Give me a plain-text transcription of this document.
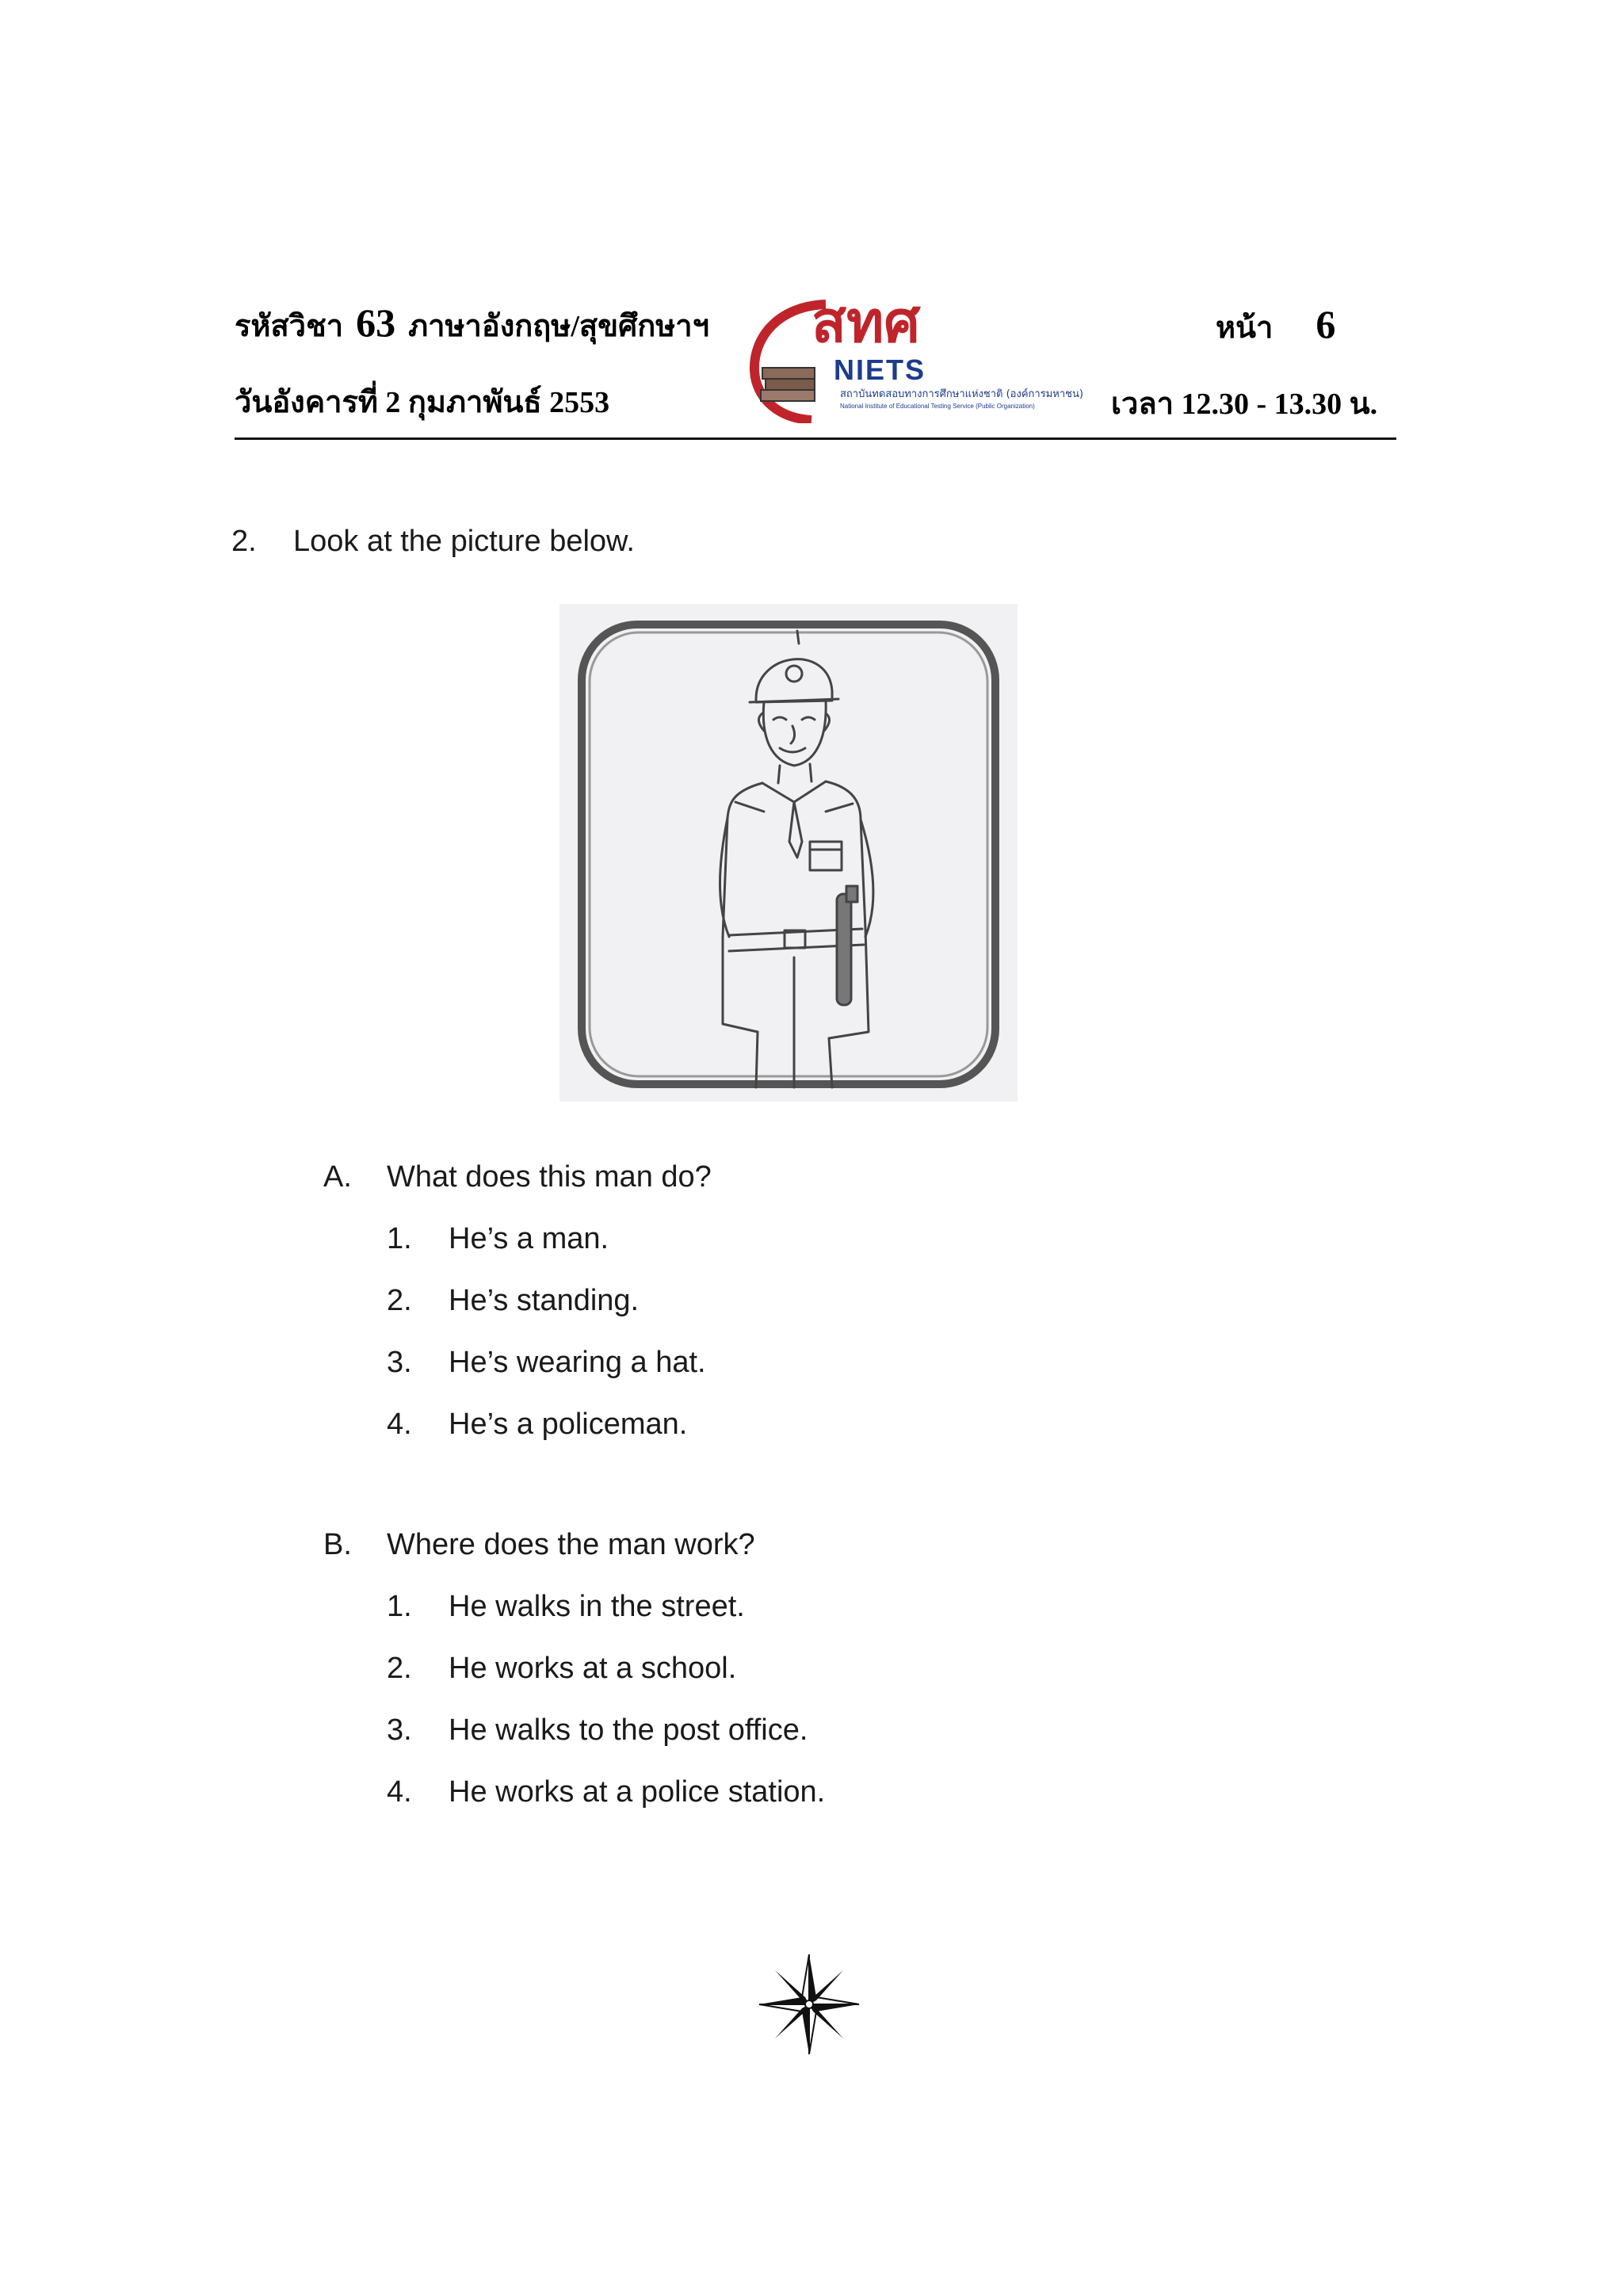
รหัสวิชา 63 ภาษาอังกฤษ/สุขศึกษาฯ
วันอังคารที่ 2 กุมภาพันธ์ 2553
หน้า 6
เวลา 12.30 - 13.30 น.
สทศ
NIETS
สถาบันทดสอบทางการศึกษาแห่งชาติ (องค์การมหาชน)
National Institute of Educational Testing Service (Public Organization)
2. Look at the picture below.
A. What does this man do?
1. He’s a man.
2. He’s standing.
3. He’s wearing a hat.
4. He’s a policeman.
B. Where does the man work?
1. He walks in the street.
2. He works at a school.
3. He walks to the post office.
4. He works at a police station.
